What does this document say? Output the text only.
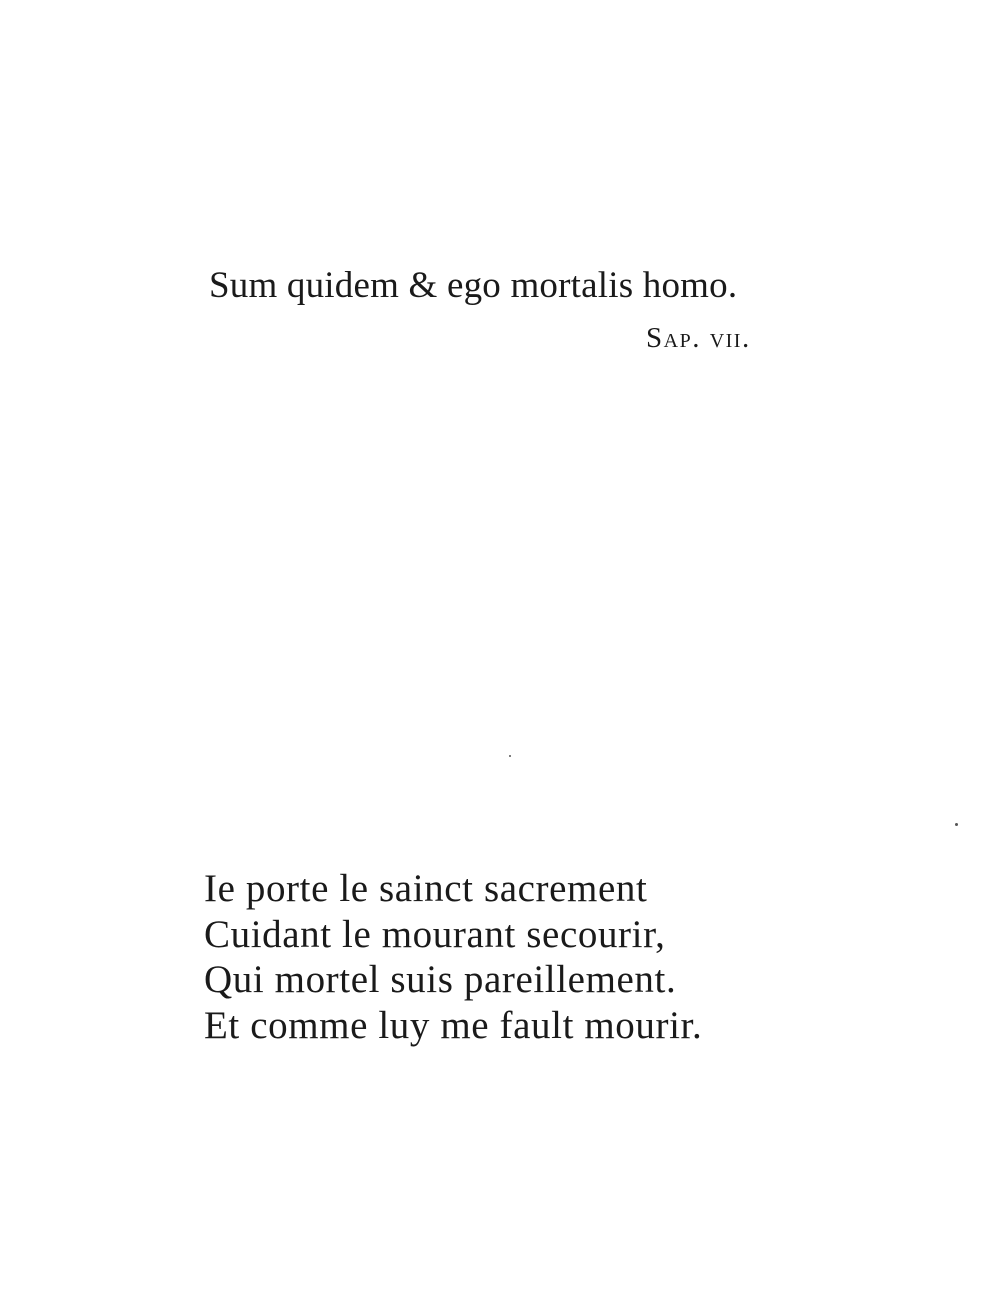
Sum quidem & ego mortalis homo.
Sap. vii.
Ie porte le sainct sacrement
Cuidant le mourant secourir,
Qui mortel suis pareillement.
Et comme luy me fault mourir.
